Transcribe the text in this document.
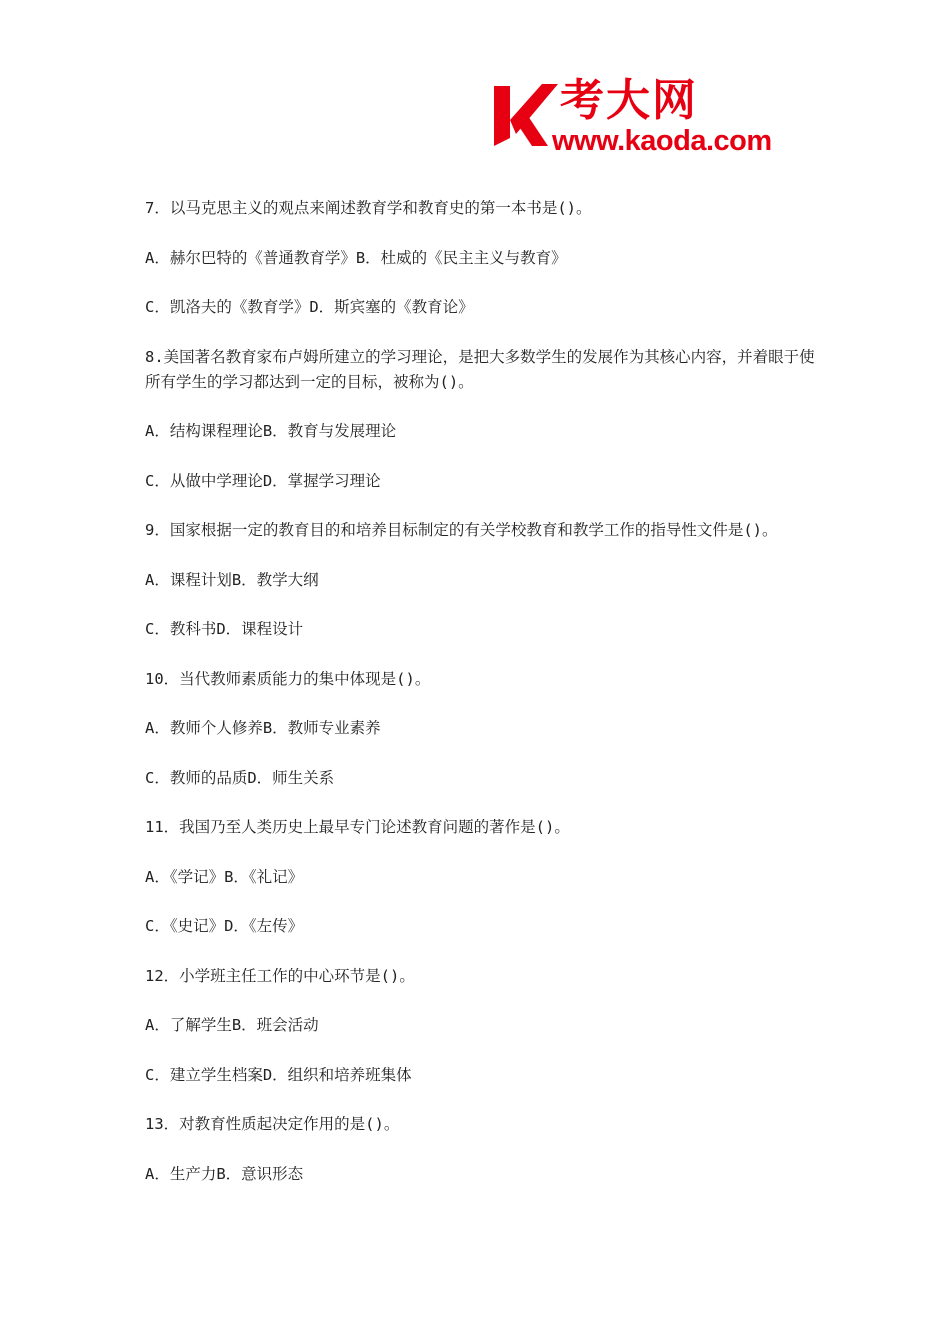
考大网
www.kaoda.com

7．以马克思主义的观点来阐述教育学和教育史的第一本书是()。

A．赫尔巴特的《普通教育学》B．杜威的《民主主义与教育》

C．凯洛夫的《教育学》D．斯宾塞的《教育论》

8.美国著名教育家布卢姆所建立的学习理论，是把大多数学生的发展作为其核心内容，并着眼于使所有学生的学习都达到一定的目标，被称为()。

A．结构课程理论B．教育与发展理论

C．从做中学理论D．掌握学习理论

9．国家根据一定的教育目的和培养目标制定的有关学校教育和教学工作的指导性文件是()。

A．课程计划B．教学大纲

C．教科书D．课程设计

10．当代教师素质能力的集中体现是()。

A．教师个人修养B．教师专业素养

C．教师的品质D．师生关系

11．我国乃至人类历史上最早专门论述教育问题的著作是()。

A．《学记》B．《礼记》

C．《史记》D．《左传》

12．小学班主任工作的中心环节是()。

A．了解学生B．班会活动

C．建立学生档案D．组织和培养班集体

13．对教育性质起决定作用的是()。

A．生产力B．意识形态
